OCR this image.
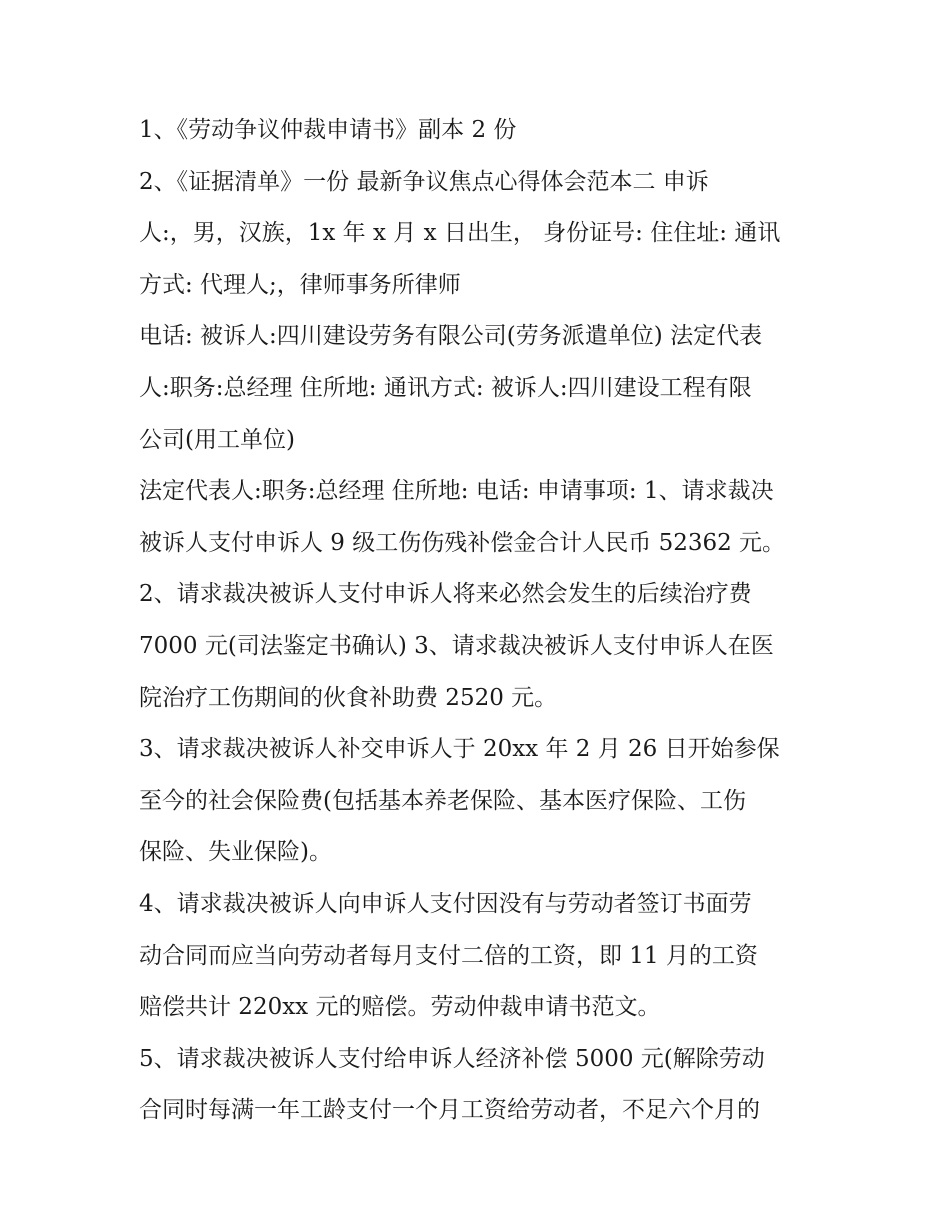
1、《劳动争议仲裁申请书》副本 2 份
2、《证据清单》一份 最新争议焦点心得体会范本二 申诉
人:，男，汉族，1x 年 x 月 x 日出生， 身份证号: 住住址: 通讯
方式: 代理人;，律师事务所律师
电话: 被诉人:四川建设劳务有限公司(劳务派遣单位) 法定代表
人:职务:总经理 住所地: 通讯方式: 被诉人:四川建设工程有限
公司(用工单位)
法定代表人:职务:总经理 住所地: 电话: 申请事项: 1、请求裁决
被诉人支付申诉人 9 级工伤伤残补偿金合计人民币 52362 元。
2、请求裁决被诉人支付申诉人将来必然会发生的后续治疗费
7000 元(司法鉴定书确认) 3、请求裁决被诉人支付申诉人在医
院治疗工伤期间的伙食补助费 2520 元。
3、请求裁决被诉人补交申诉人于 20xx 年 2 月 26 日开始参保
至今的社会保险费(包括基本养老保险、基本医疗保险、工伤
保险、失业保险)。
4、请求裁决被诉人向申诉人支付因没有与劳动者签订书面劳
动合同而应当向劳动者每月支付二倍的工资，即 11 月的工资
赔偿共计 220xx 元的赔偿。劳动仲裁申请书范文。
5、请求裁决被诉人支付给申诉人经济补偿 5000 元(解除劳动
合同时每满一年工龄支付一个月工资给劳动者，不足六个月的
